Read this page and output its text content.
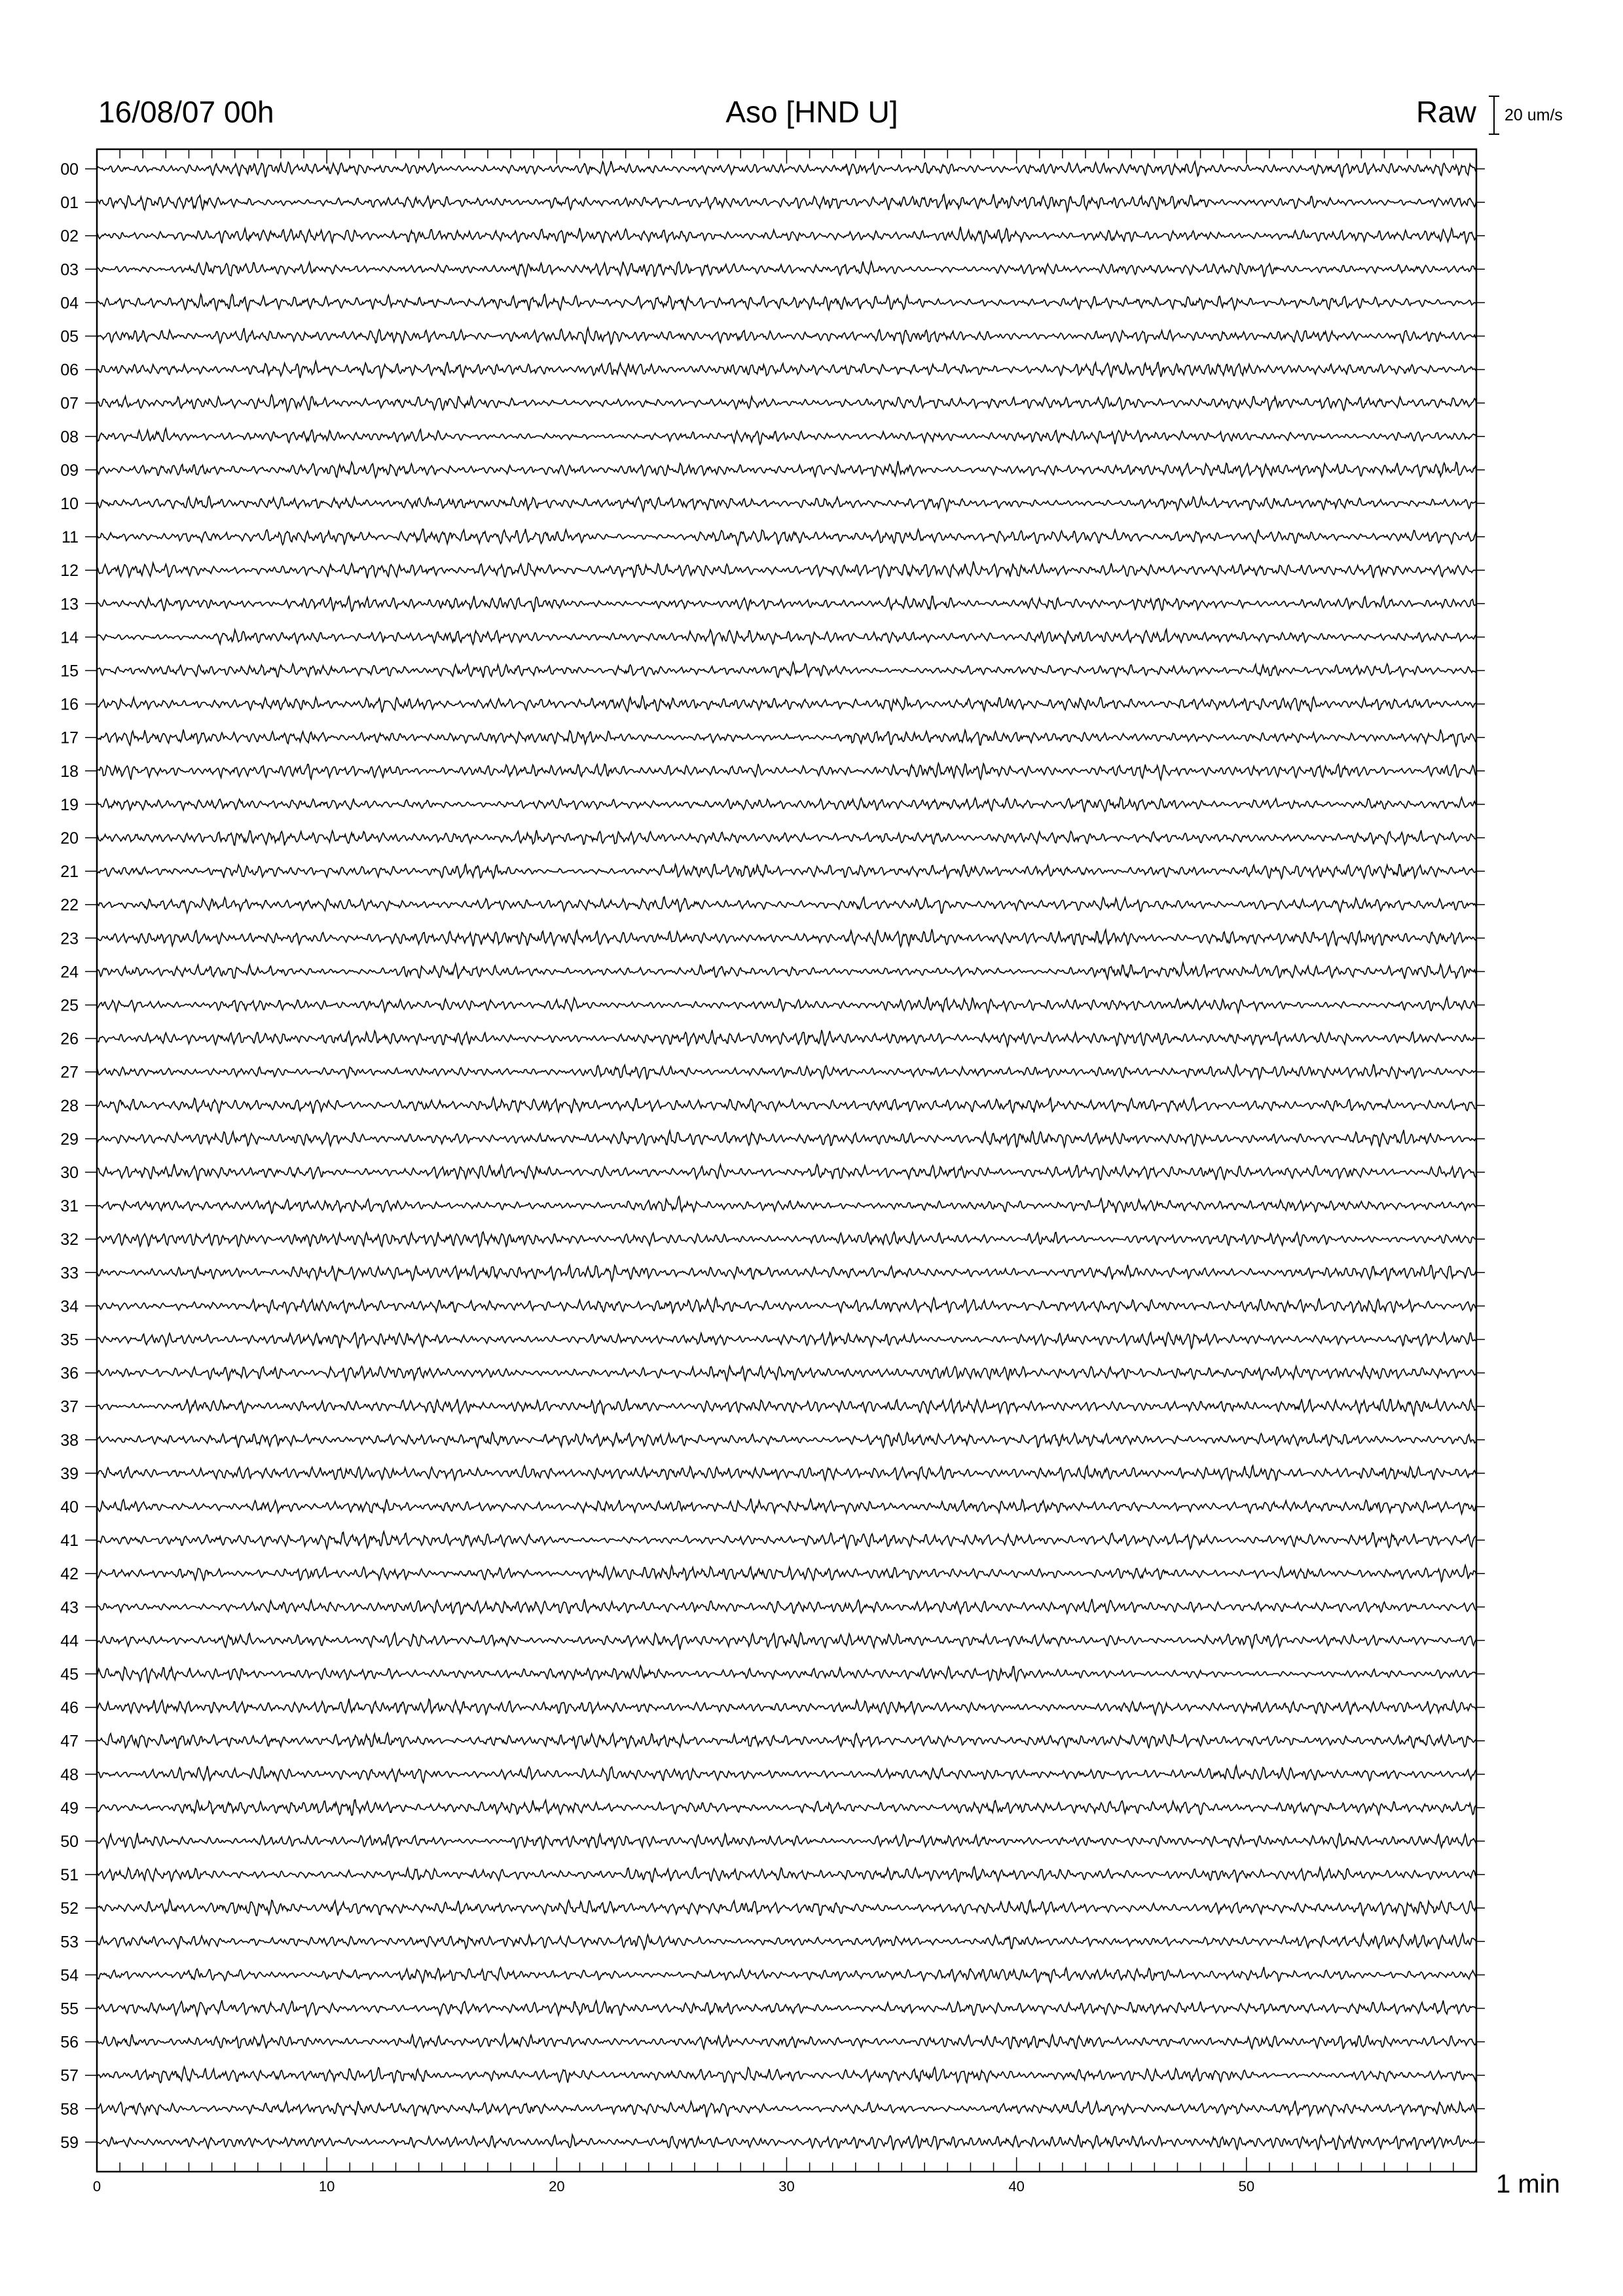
16/08/07 00h	Aso [HND U]	Raw 20 um/s
00
01
02
03
04
05
06
07
08
09
10
11
12
13
14
15
16
17
18
19
20
21
22
23
24
25
26
27
28
29
30
31
32
33
34
35
36
37
38
39
40
41
42
43
44
45
46
47
48
49
50
51
52
53
54
55
56
57
58
59
0	10	20	30	40	50	1 min
